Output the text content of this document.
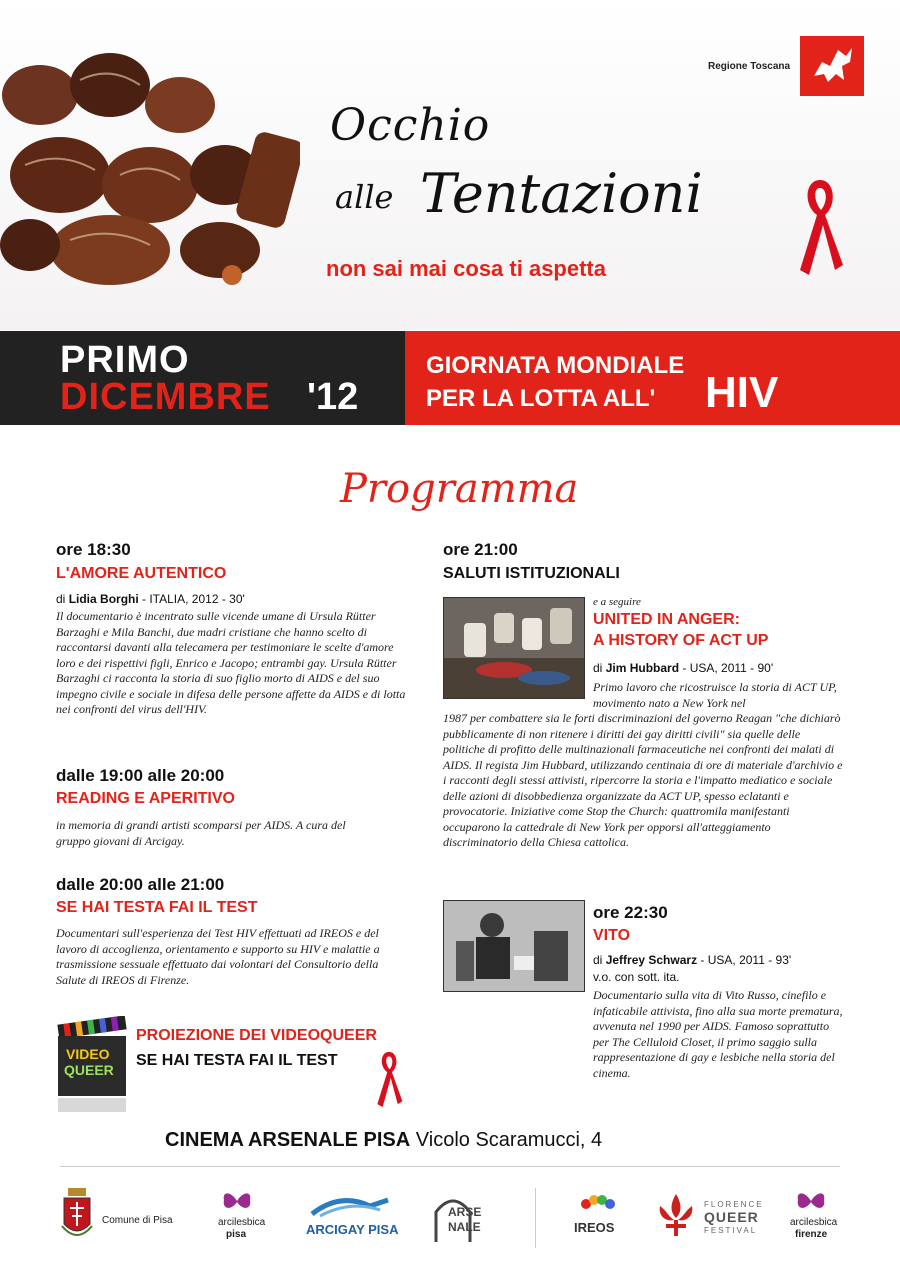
Regione Toscana
Occhio
alle Tentazioni
non sai mai cosa ti aspetta
PRIMO
DICEMBRE '12
GIORNATA MONDIALE
PER LA LOTTA ALL' HIV
Programma
ore 18:30
L'AMORE AUTENTICO
di Lidia Borghi - ITALIA, 2012 - 30'
Il documentario è incentrato sulle vicende umane di Ursula Rütter Barzaghi e Mila Banchi, due madri cristiane che hanno scelto di raccontarsi davanti alla telecamera per testimoniare le scelte d'amore loro e dei rispettivi figli, Enrico e Jacopo; entrambi gay. Ursula Rütter Barzaghi ci racconta la storia di suo figlio morto di AIDS e del suo impegno civile e sociale in difesa delle persone affette da AIDS e di lotta nei confronti del virus dell'HIV.
dalle 19:00 alle 20:00
READING E APERITIVO
in memoria di grandi artisti scomparsi per AIDS. A cura del gruppo giovani di Arcigay.
dalle 20:00 alle 21:00
SE HAI TESTA FAI IL TEST
Documentari sull'esperienza dei Test HIV effettuati ad IREOS e del lavoro di accoglienza, orientamento e supporto su HIV e malattie a trasmissione sessuale effettuato dai volontari del Consultorio della Salute di IREOS di Firenze.
VIDEO
QUEER
PROIEZIONE DEI VIDEOQUEER
SE HAI TESTA FAI IL TEST
ore 21:00
SALUTI ISTITUZIONALI
e a seguire
UNITED IN ANGER:
A HISTORY OF ACT UP
di Jim Hubbard - USA, 2011 - 90'
Primo lavoro che ricostruisce la storia di ACT UP, movimento nato a New York nel
1987 per combattere sia le forti discriminazioni del governo Reagan "che dichiarò pubblicamente di non ritenere i diritti dei gay diritti civili" sia quelle delle politiche di profitto delle multinazionali farmaceutiche nei confronti dei malati di AIDS. Il regista Jim Hubbard, utilizzando centinaia di ore di materiale d'archivio e i racconti degli stessi attivisti, ripercorre la storia e l'impatto mediatico e sociale delle azioni di disobbedienza organizzate da ACT UP, spesso eclatanti e provocatorie. Iniziative come Stop the Church: quattromila manifestanti occuparono la cattedrale di New York per opporsi all'atteggiamento discriminatorio della Chiesa cattolica.
ore 22:30
VITO
di Jeffrey Schwarz - USA, 2011 - 93'
v.o. con sott. ita.
Documentario sulla vita di Vito Russo, cinefilo e infaticabile attivista, fino alla sua morte prematura, avvenuta nel 1990 per AIDS. Famoso soprattutto per The Celluloid Closet, il primo saggio sulla rappresentazione di gay e lesbiche nella storia del cinema.
CINEMA ARSENALE PISA Vicolo Scaramucci, 4
Comune di Pisa	arcilesbica
pisa	ARCIGAY PISA
ARSE
NALE	IREOS
FLORENCE
QUEER
FESTIVAL
arcilesbica
firenze
